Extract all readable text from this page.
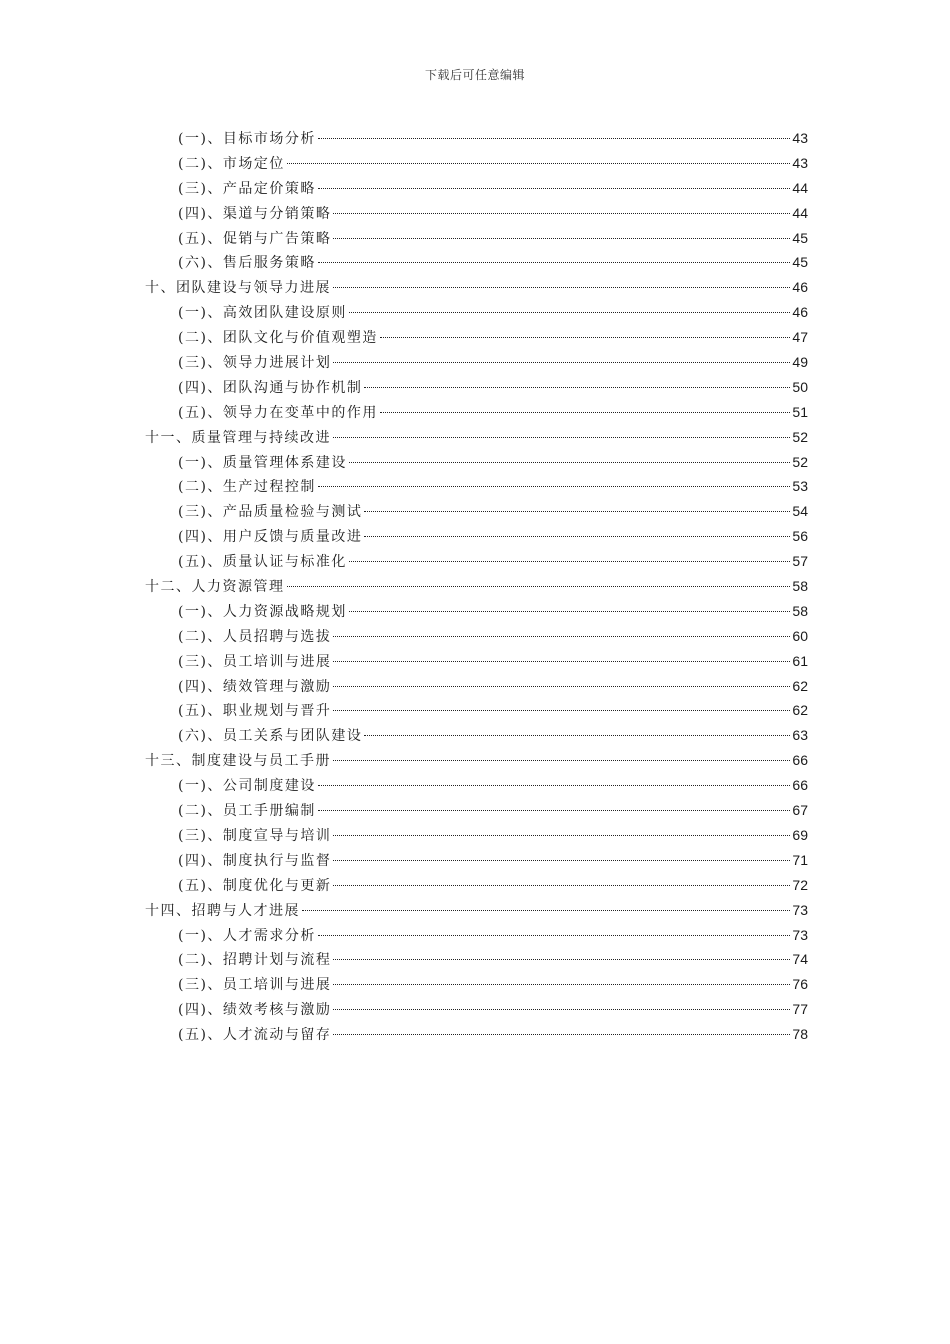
下载后可任意编辑
(一)、目标市场分析	43
(二)、市场定位	43
(三)、产品定价策略	44
(四)、渠道与分销策略	44
(五)、促销与广告策略	45
(六)、售后服务策略	45
十、团队建设与领导力进展	46
(一)、高效团队建设原则	46
(二)、团队文化与价值观塑造	47
(三)、领导力进展计划	49
(四)、团队沟通与协作机制	50
(五)、领导力在变革中的作用	51
十一、质量管理与持续改进	52
(一)、质量管理体系建设	52
(二)、生产过程控制	53
(三)、产品质量检验与测试	54
(四)、用户反馈与质量改进	56
(五)、质量认证与标准化	57
十二、人力资源管理	58
(一)、人力资源战略规划	58
(二)、人员招聘与选拔	60
(三)、员工培训与进展	61
(四)、绩效管理与激励	62
(五)、职业规划与晋升	62
(六)、员工关系与团队建设	63
十三、制度建设与员工手册	66
(一)、公司制度建设	66
(二)、员工手册编制	67
(三)、制度宣导与培训	69
(四)、制度执行与监督	71
(五)、制度优化与更新	72
十四、招聘与人才进展	73
(一)、人才需求分析	73
(二)、招聘计划与流程	74
(三)、员工培训与进展	76
(四)、绩效考核与激励	77
(五)、人才流动与留存	78
